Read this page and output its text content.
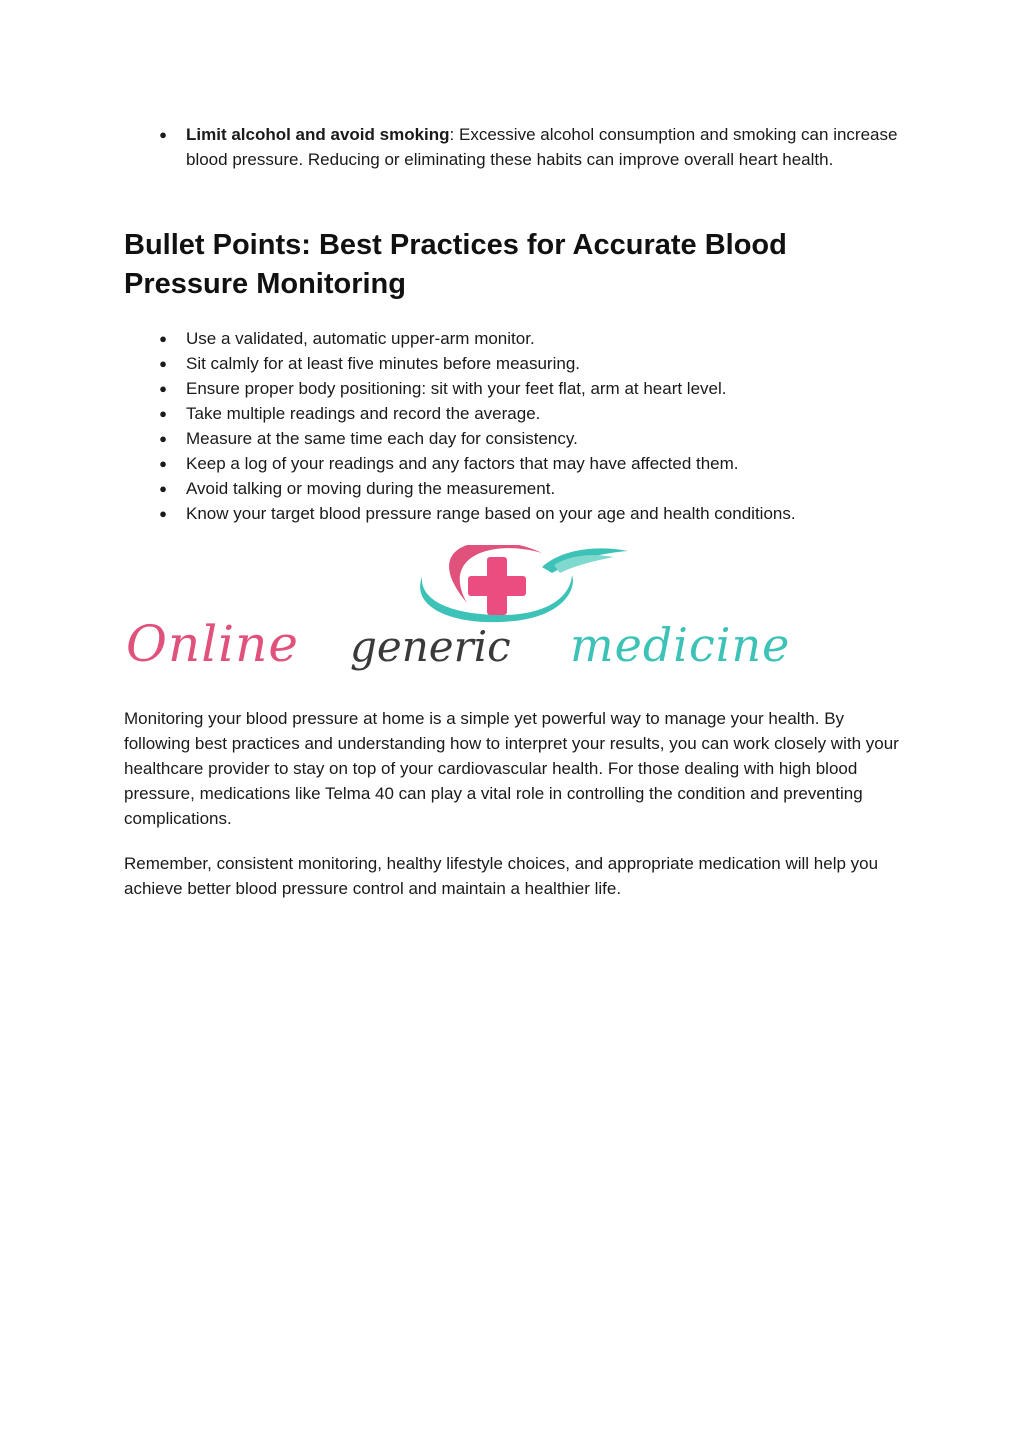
● Limit alcohol and avoid smoking: Excessive alcohol consumption and smoking can increase blood pressure. Reducing or eliminating these habits can improve overall heart health.
Bullet Points: Best Practices for Accurate Blood Pressure Monitoring
● Use a validated, automatic upper-arm monitor.
● Sit calmly for at least five minutes before measuring.
● Ensure proper body positioning: sit with your feet flat, arm at heart level.
● Take multiple readings and record the average.
● Measure at the same time each day for consistency.
● Keep a log of your readings and any factors that may have affected them.
● Avoid talking or moving during the measurement.
● Know your target blood pressure range based on your age and health conditions.
Online generic medicine

Monitoring your blood pressure at home is a simple yet powerful way to manage your health. By following best practices and understanding how to interpret your results, you can work closely with your healthcare provider to stay on top of your cardiovascular health. For those dealing with high blood pressure, medications like Telma 40 can play a vital role in controlling the condition and preventing complications.

Remember, consistent monitoring, healthy lifestyle choices, and appropriate medication will help you achieve better blood pressure control and maintain a healthier life.
